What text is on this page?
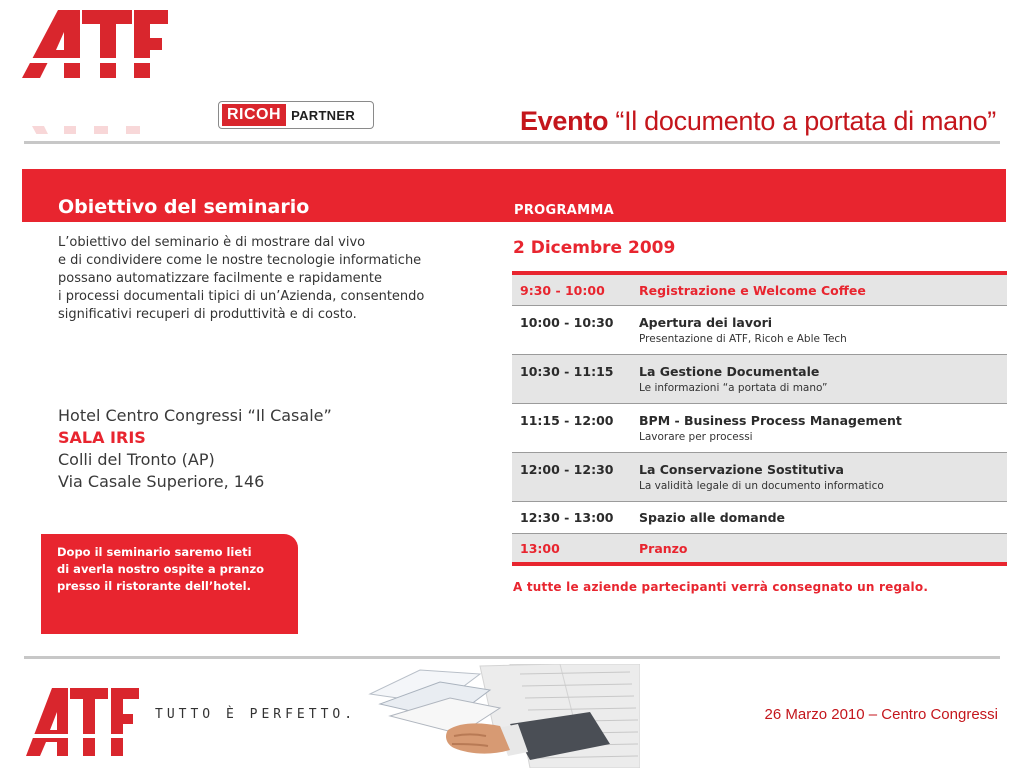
RICOH PARTNER	Evento “Il documento a portata di mano”
Obiettivo del seminario	PROGRAMMA
L’obiettivo del seminario è di mostrare dal vivo
e di condividere come le nostre tecnologie informatiche
possano automatizzare facilmente e rapidamente
i processi documentali tipici di un’Azienda, consentendo
significativi recuperi di produttività e di costo.
Hotel Centro Congressi “Il Casale”
SALA IRIS
Colli del Tronto (AP)
Via Casale Superiore, 146
Dopo il seminario saremo lieti
di averla nostro ospite a pranzo
presso il ristorante dell’hotel.
2 Dicembre 2009
9:30 - 10:00	Registrazione e Welcome Coffee
10:00 - 10:30 Apertura dei lavori
Presentazione di ATF, Ricoh e Able Tech
10:30 - 11:15 La Gestione Documentale
Le informazioni “a portata di mano”
11:15 - 12:00 BPM - Business Process Management
Lavorare per processi
12:00 - 12:30 La Conservazione Sostitutiva
La validità legale di un documento informatico
12:30 - 13:00 Spazio alle domande
13:00	Pranzo
A tutte le aziende partecipanti verrà consegnato un regalo.
TUTTO È PERFETTO.	26 Marzo 2010 – Centro Congressi
